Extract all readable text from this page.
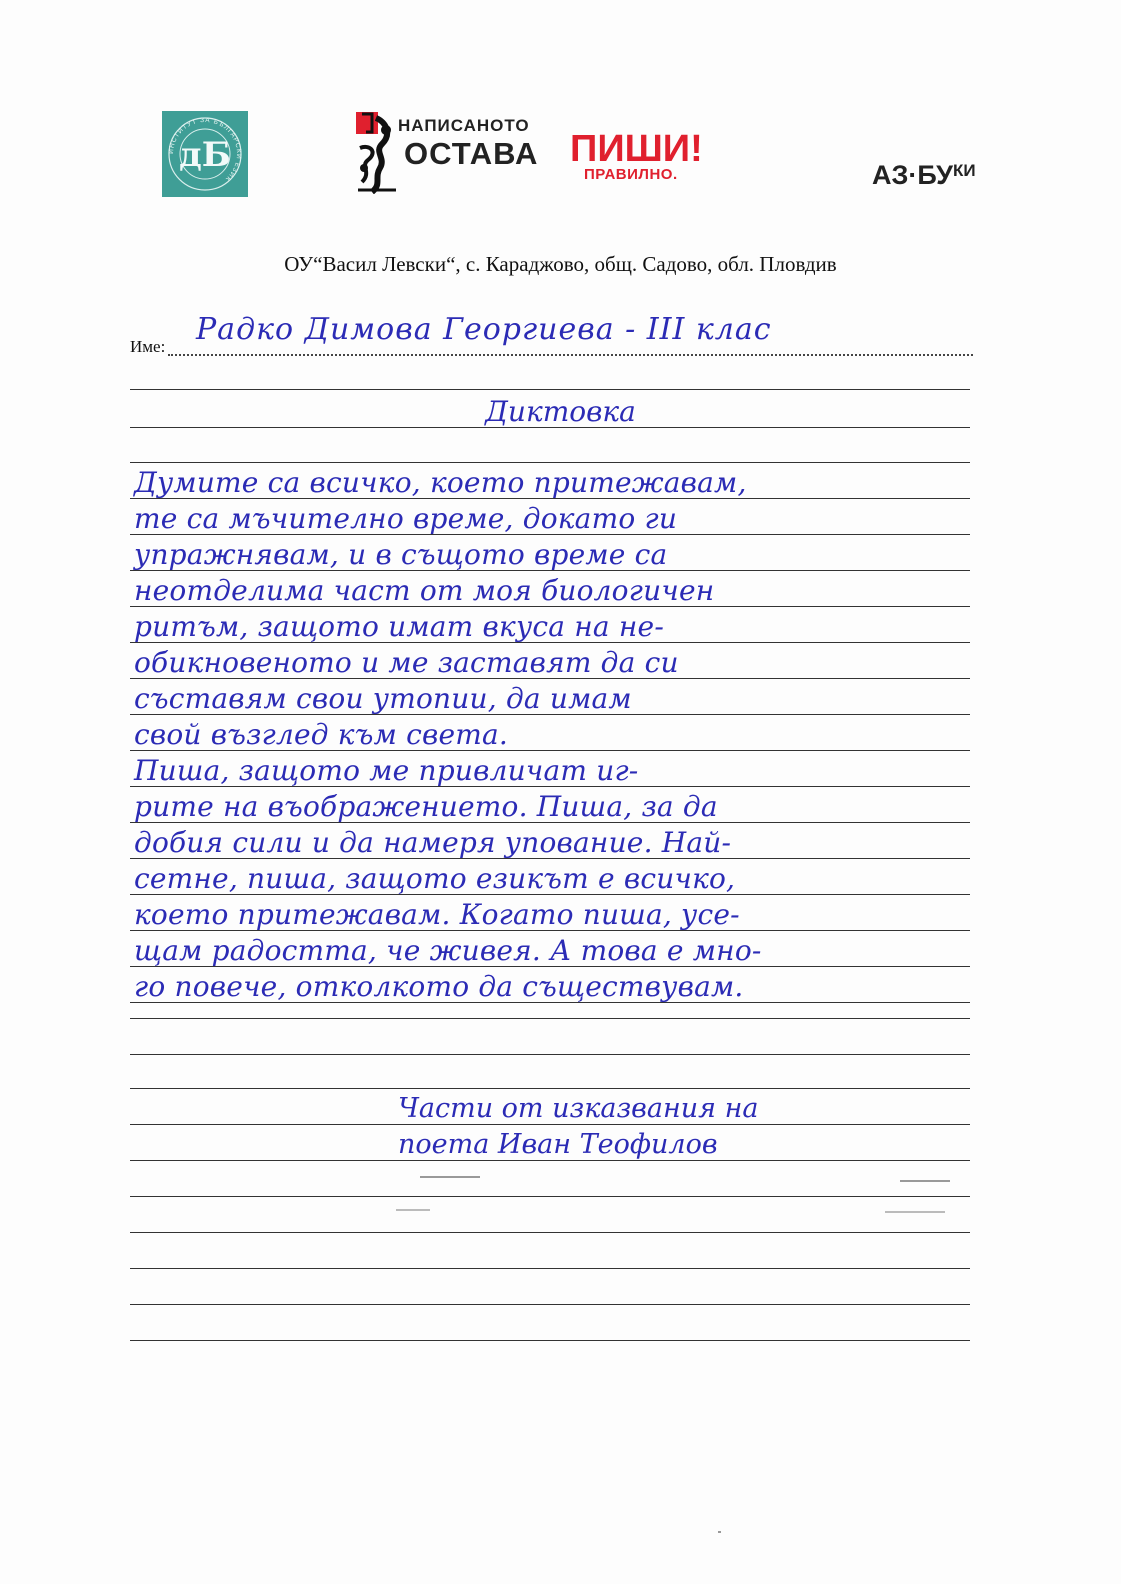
ИНСТИТУТ ЗА БЪЛГАРСКИ ЕЗИК
дБ
НАПИСАНОТО
ОСТАВА ПИШИ!
ПРАВИЛНО.	$АЗ\cdot БУ^{КИ}$
ОУ“Васил Левски“, с. Караджово, общ. Садово, обл. Пловдив
Име: Радко Димова Георгиева - III клас
Диктовка
Думите са всичко, което притежавам,
те са мъчително време, докато ги
упражнявам, и в същото време са
неотделима част от моя биологичен
ритъм, защото имат вкуса на не-
обикновеното и ме заставят да си
съставям свои утопии, да имам
свой възглед към света.
Пиша, защото ме привличат иг-
рите на въображението. Пиша, за да
добия сили и да намеря упование. Най-
сетне, пиша, защото езикът е всичко,
което притежавам. Когато пиша, усе-
щам радостта, че живея. А това е мно-
го повече, отколкото да съществувам.
Части от изказвания на
поета Иван Теофилов
